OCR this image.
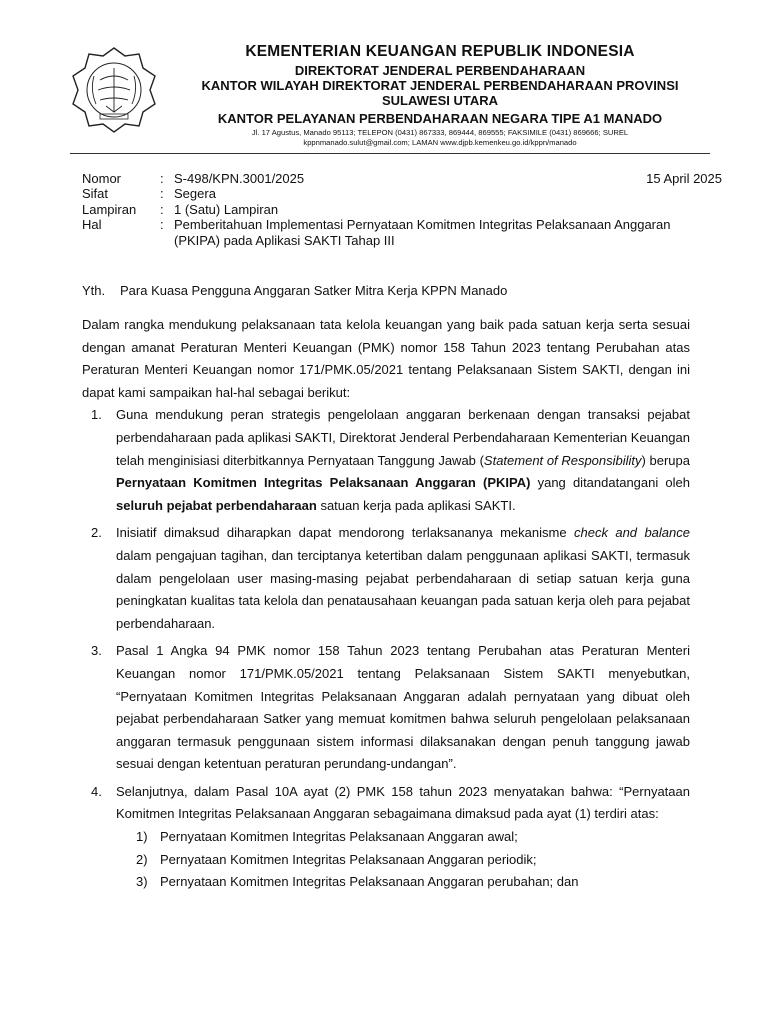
KEMENTERIAN KEUANGAN REPUBLIK INDONESIA
DIREKTORAT JENDERAL PERBENDAHARAAN
KANTOR WILAYAH DIREKTORAT JENDERAL PERBENDAHARAAN PROVINSI
SULAWESI UTARA
KANTOR PELAYANAN PERBENDAHARAAN NEGARA TIPE A1 MANADO
Jl. 17 Agustus, Manado 95113; TELEPON (0431) 867333, 869444, 869555; FAKSIMILE (0431) 869666; SUREL
kppnmanado.sulut@gmail.com; LAMAN www.djpb.kemenkeu.go.id/kppn/manado
Nomor	: S-498/KPN.3001/2025
Sifat	: Segera
Lampiran	: 1 (Satu) Lampiran
Hal	: Pemberitahuan Implementasi Pernyataan Komitmen Integritas Pelaksanaan Anggaran (PKIPA) pada Aplikasi SAKTI Tahap III
15 April 2025
Yth.	Para Kuasa Pengguna Anggaran Satker Mitra Kerja KPPN Manado

Dalam rangka mendukung pelaksanaan tata kelola keuangan yang baik pada satuan kerja serta sesuai dengan amanat Peraturan Menteri Keuangan (PMK) nomor 158 Tahun 2023 tentang Perubahan atas Peraturan Menteri Keuangan nomor 171/PMK.05/2021 tentang Pelaksanaan Sistem SAKTI, dengan ini dapat kami sampaikan hal-hal sebagai berikut:

1. Guna mendukung peran strategis pengelolaan anggaran berkenaan dengan transaksi pejabat perbendaharaan pada aplikasi SAKTI, Direktorat Jenderal Perbendaharaan Kementerian Keuangan telah menginisiasi diterbitkannya Pernyataan Tanggung Jawab (Statement of Responsibility) berupa Pernyataan Komitmen Integritas Pelaksanaan Anggaran (PKIPA) yang ditandatangani oleh seluruh pejabat perbendaharaan satuan kerja pada aplikasi SAKTI.
2. Inisiatif dimaksud diharapkan dapat mendorong terlaksananya mekanisme check and balance dalam pengajuan tagihan, dan terciptanya ketertiban dalam penggunaan aplikasi SAKTI, termasuk dalam pengelolaan user masing-masing pejabat perbendaharaan di setiap satuan kerja guna peningkatan kualitas tata kelola dan penatausahaan keuangan pada satuan kerja oleh para pejabat perbendaharaan.
3. Pasal 1 Angka 94 PMK nomor 158 Tahun 2023 tentang Perubahan atas Peraturan Menteri Keuangan nomor 171/PMK.05/2021 tentang Pelaksanaan Sistem SAKTI menyebutkan, “Pernyataan Komitmen Integritas Pelaksanaan Anggaran adalah pernyataan yang dibuat oleh pejabat perbendaharaan Satker yang memuat komitmen bahwa seluruh pengelolaan pelaksanaan anggaran termasuk penggunaan sistem informasi dilaksanakan dengan penuh tanggung jawab sesuai dengan ketentuan peraturan perundang-undangan”.
4. Selanjutnya, dalam Pasal 10A ayat (2) PMK 158 tahun 2023 menyatakan bahwa: “Pernyataan Komitmen Integritas Pelaksanaan Anggaran sebagaimana dimaksud pada ayat (1) terdiri atas:
1) Pernyataan Komitmen Integritas Pelaksanaan Anggaran awal;
2) Pernyataan Komitmen Integritas Pelaksanaan Anggaran periodik;
3) Pernyataan Komitmen Integritas Pelaksanaan Anggaran perubahan; dan
